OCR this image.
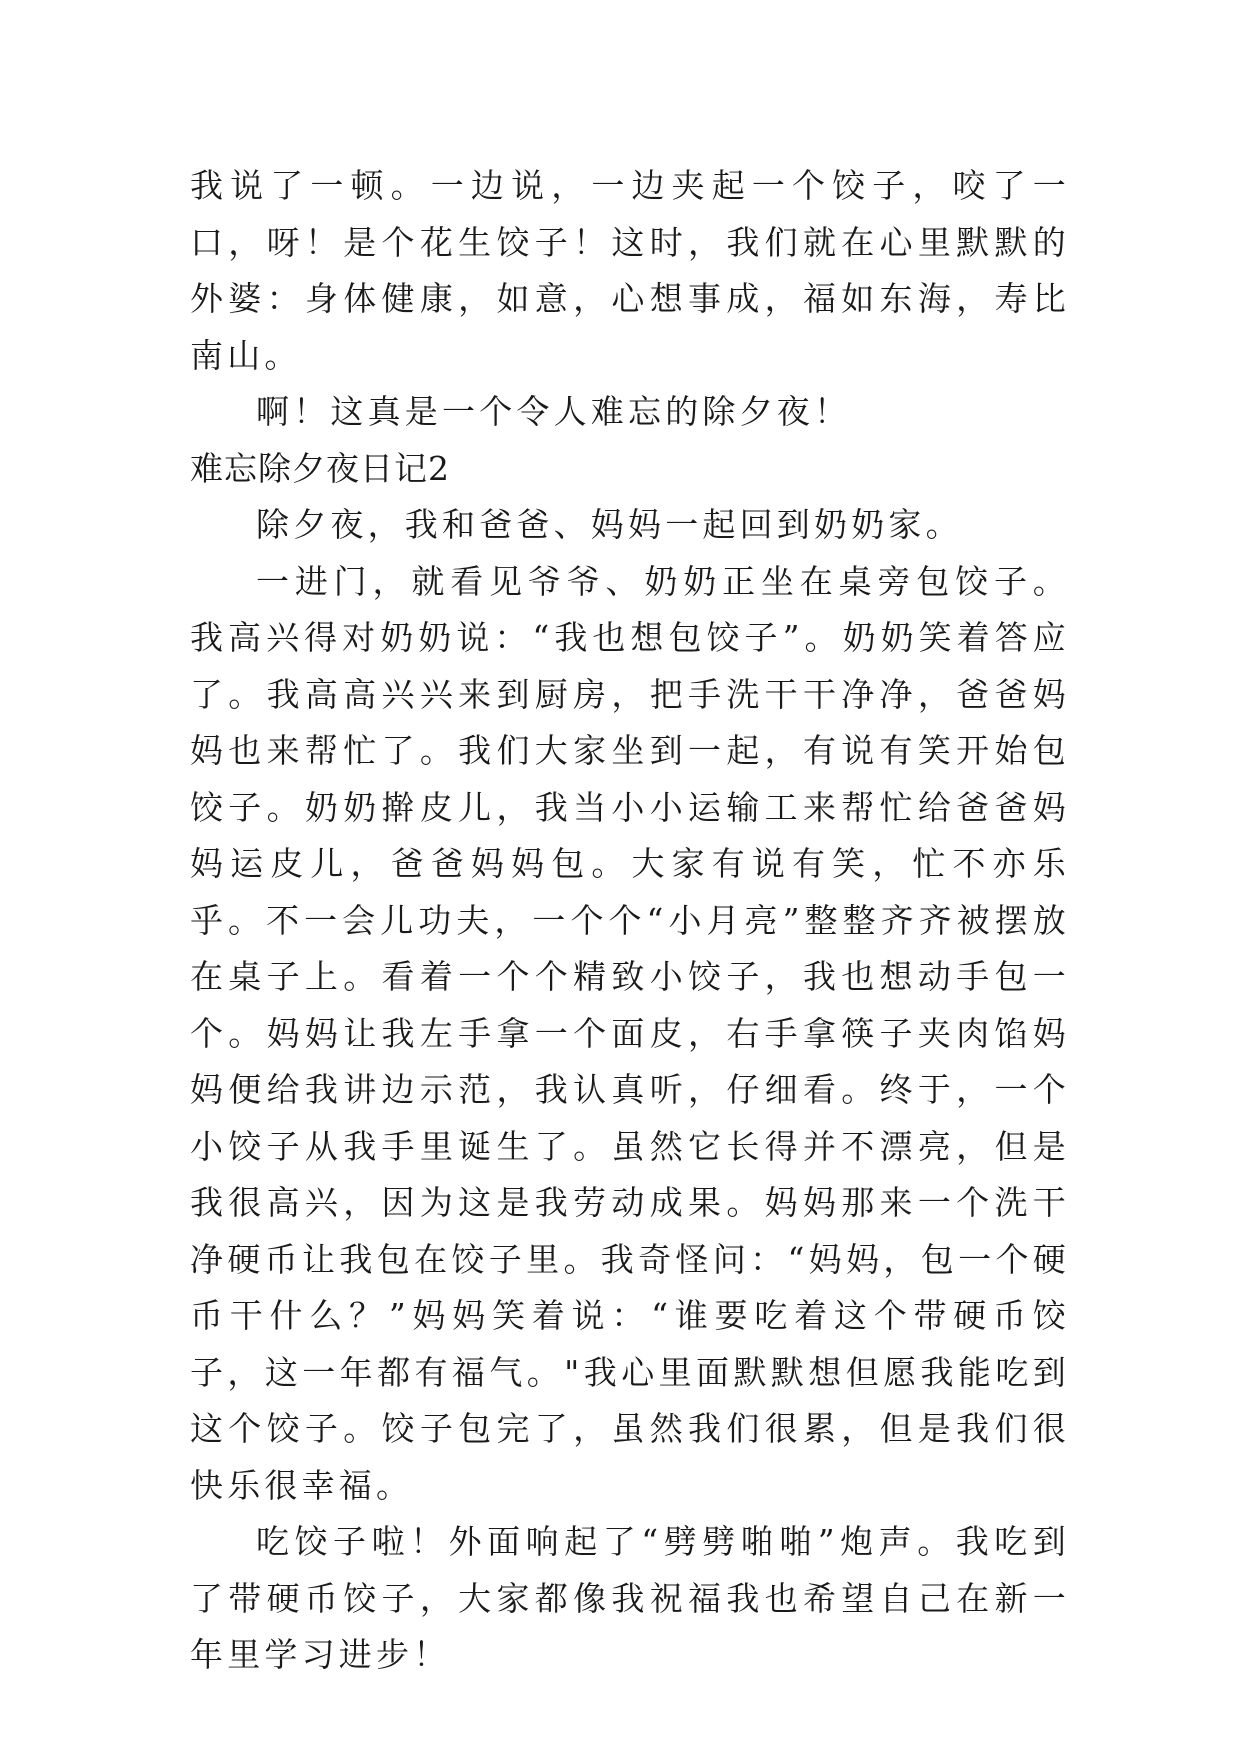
我说了一顿。一边说，一边夹起一个饺子，咬了一口，呀！是个花生饺子！这时，我们就在心里默默的外婆：身体健康，如意，心想事成，福如东海，寿比南山。

啊！这真是一个令人难忘的除夕夜！

难忘除夕夜日记2

除夕夜，我和爸爸、妈妈一起回到奶奶家。

一进门，就看见爷爷、奶奶正坐在桌旁包饺子。我高兴得对奶奶说：“我也想包饺子”。奶奶笑着答应了。我高高兴兴来到厨房，把手洗干干净净，爸爸妈妈也来帮忙了。我们大家坐到一起，有说有笑开始包饺子。奶奶擀皮儿，我当小小运输工来帮忙给爸爸妈妈运皮儿，爸爸妈妈包。大家有说有笑，忙不亦乐乎。不一会儿功夫，一个个“小月亮”整整齐齐被摆放在桌子上。看着一个个精致小饺子，我也想动手包一个。妈妈让我左手拿一个面皮，右手拿筷子夹肉馅妈妈便给我讲边示范，我认真听，仔细看。终于，一个小饺子从我手里诞生了。虽然它长得并不漂亮，但是我很高兴，因为这是我劳动成果。妈妈那来一个洗干净硬币让我包在饺子里。我奇怪问：“妈妈，包一个硬币干什么？”妈妈笑着说：“谁要吃着这个带硬币饺子，这一年都有福气。"我心里面默默想但愿我能吃到这个饺子。饺子包完了，虽然我们很累，但是我们很快乐很幸福。

吃饺子啦！外面响起了“劈劈啪啪”炮声。我吃到了带硬币饺子，大家都像我祝福我也希望自己在新一年里学习进步！
